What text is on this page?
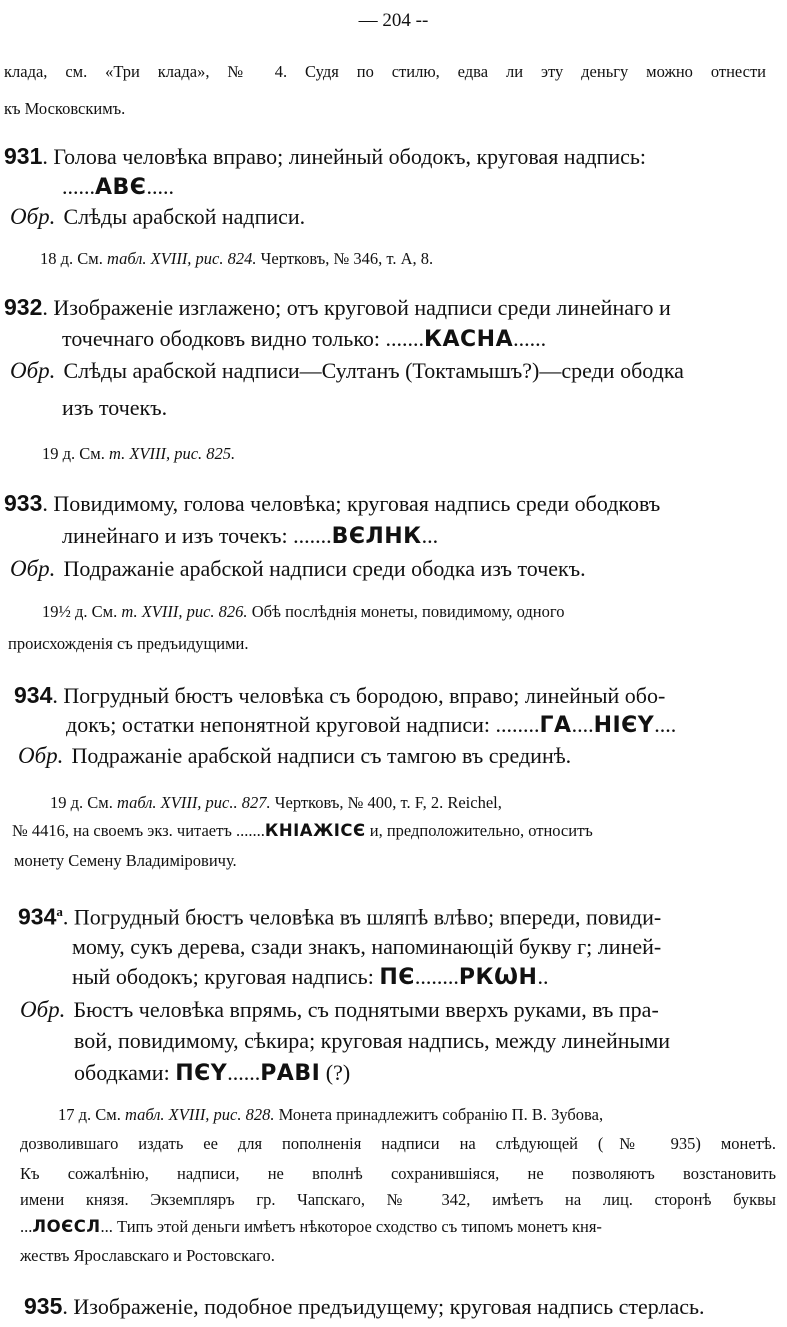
— 204 --
клада, см. «Три клада», № 4. Судя по стилю, едва ли эту деньгу можно отнести
къ Московскимъ.
931. Голова человѣка вправо; линейный ободокъ, круговая надпись:
......АВЄ.....
Обр. Слѣды арабской надписи.
18 д. См. табл. XVIII, рис. 824. Чертковъ, № 346, т. А, 8.
932. Изображеніе изглажено; отъ круговой надписи среди линейнаго и
точечнаго ободковъ видно только: .......КАСНА......
Обр. Слѣды арабской надписи—Султанъ (Токтамышъ?)—среди ободка
изъ точекъ.
19 д. См. т. XVIII, рис. 825.
933. Повидимому, голова человѣка; круговая надпись среди ободковъ
линейнаго и изъ точекъ: .......ВЄЛНК...
Обр. Подражаніе арабской надписи среди ободка изъ точекъ.
19½ д. См. т. XVIII, рис. 826. Обѣ послѣднія монеты, повидимому, одного
происхожденія съ предъидущими.
934. Погрудный бюстъ человѣка съ бородою, вправо; линейный обо-
докъ; остатки непонятной круговой надписи: ........ГА....НІЄҮ....
Обр. Подражаніе арабской надписи съ тамгою въ срединѣ.
19 д. См. табл. XVIII, рис.. 827. Чертковъ, № 400, т. F, 2. Reichel,
№ 4416, на своемъ экз. читаетъ .......КНІАЖІСЄ и, предположительно, относитъ
монету Семену Владиміровичу.
$934^а$. Погрудный бюстъ человѣка въ шляпѣ влѣво; впереди, повиди-
мому, сукъ дерева, сзади знакъ, напоминающій букву г; линей-
ный ободокъ; круговая надпись: ПЄ........РКѠН..
Обр. Бюстъ человѣка впрямь, съ поднятыми вверхъ руками, въ пра-
вой, повидимому, сѣкира; круговая надпись, между линейными
ободками: ПЄҮ......РАВІ (?)
17 д. См. табл. XVIII, рис. 828. Монета принадлежитъ собранію П. В. Зубова,
дозволившаго издать ее для пополненія надписи на слѣдующей (№ 935) монетѣ.
Къ сожалѣнію, надписи, не вполнѣ сохранившіяся, не позволяютъ возстановить
имени князя. Экземпляръ гр. Чапскаго, № 342, имѣетъ на лиц. сторонѣ буквы
...ЛОЄСЛ... Типъ этой деньги имѣетъ нѣкоторое сходство съ типомъ монетъ кня-
жествъ Ярославскаго и Ростовскаго.
935. Изображеніе, подобное предъидущему; круговая надпись стерлась.
